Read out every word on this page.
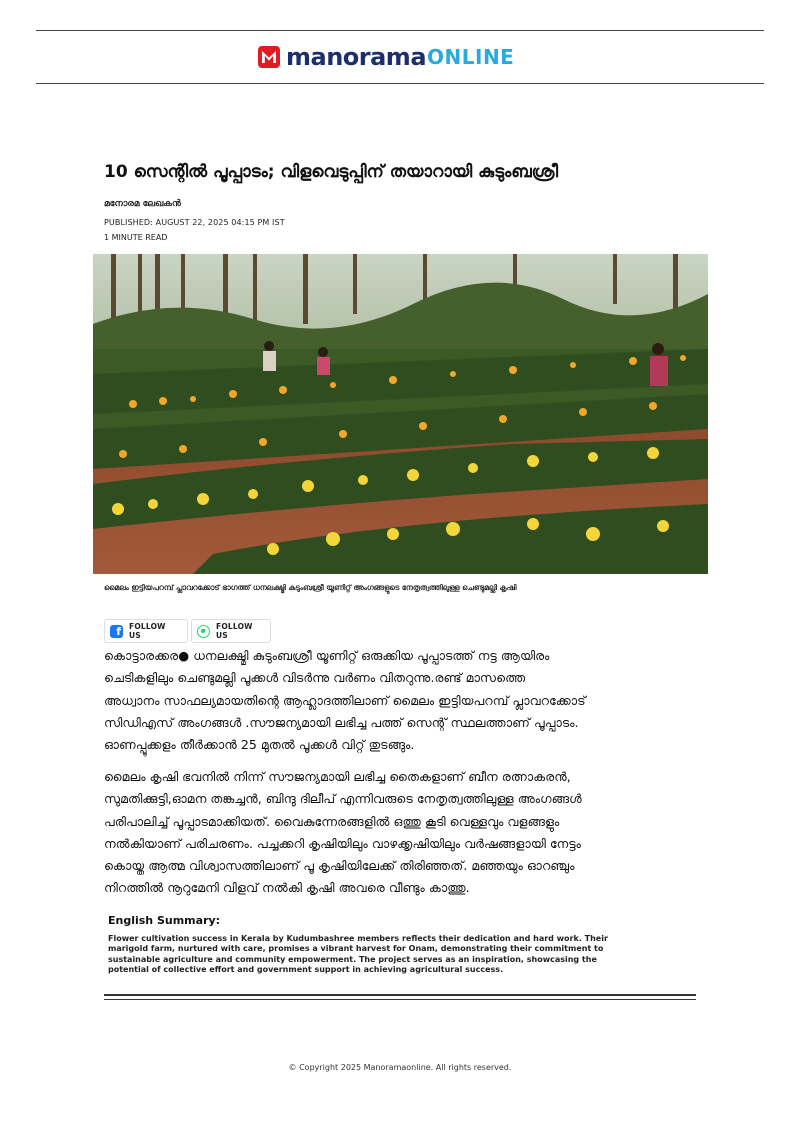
manorama ONLINE
10 സെന്റിൽ പൂപ്പാടം; വിളവെടുപ്പിന് തയാറായി കുടുംബശ്രീ
മനോരമ ലേഖകൻ
PUBLISHED: AUGUST 22, 2025 04:15 PM IST
1 MINUTE READ
മൈലം ഇട്ടിയപറമ്പ് പ്ലാവറക്കോട് ഭാഗത്ത് ധനലക്ഷ്മി കുടുംബശ്രീ യൂണിറ്റ് അംഗങ്ങളുടെ നേതൃത്വത്തിലുള്ള ചെണ്ടുമല്ലി കൃഷി
f FOLLOW US
FOLLOW US

കൊട്ടാരക്കര● ധനലക്ഷ്മി കുടുംബശ്രീ യൂണിറ്റ് ഒരുക്കിയ പൂപ്പാടത്ത് നട്ട ആയിരം
ചെടികളിലും ചെണ്ടുമല്ലി പൂക്കൾ വിടർന്നു വർണം വിതറുന്നു.രണ്ട് മാസത്തെ
അധ്വാനം സാഫല്യമായതിന്റെ ആഹ്ലാദത്തിലാണ് മൈലം ഇട്ടിയപറമ്പ് പ്ലാവറക്കോട്
സിഡിഎസ് അംഗങ്ങൾ .സൗജന്യമായി ലഭിച്ച പത്ത് സെന്റ് സ്ഥലത്താണ് പൂപ്പാടം.
ഓണപ്പൂക്കളം തീർക്കാൻ 25 മുതൽ പൂക്കൾ വിറ്റ് തുടങ്ങും.

മൈലം കൃഷി ഭവനിൽ നിന്ന് സൗജന്യമായി ലഭിച്ച തൈകളാണ് ബീന രത്നാകരൻ,
സുമതിക്കുട്ടി,ഓമന തങ്കച്ചൻ, ബിന്ദു ദിലീപ് എന്നിവരുടെ നേതൃത്വത്തിലുള്ള അംഗങ്ങൾ
പരിപാലിച്ച് പൂപ്പാടമാക്കിയത്. വൈകുന്നേരങ്ങളിൽ ഒത്തു കൂടി വെള്ളവും വളങ്ങളും
നൽകിയാണ് പരിചരണം. പച്ചക്കറി കൃഷിയിലും വാഴക്കൃഷിയിലും വർഷങ്ങളായി നേട്ടം
കൊയ്ത ആത്മ വിശ്വാസത്തിലാണ് പൂ കൃഷിയിലേക്ക് തിരിഞ്ഞത്. മഞ്ഞയും ഓറഞ്ചും
നിറത്തിൽ നൂറുമേനി വിളവ് നൽകി കൃഷി അവരെ വീണ്ടും കാത്തു.

English Summary:

Flower cultivation success in Kerala by Kudumbashree members reflects their dedication and hard work. Their
marigold farm, nurtured with care, promises a vibrant harvest for Onam, demonstrating their commitment to
sustainable agriculture and community empowerment. The project serves as an inspiration, showcasing the
potential of collective effort and government support in achieving agricultural success.

© Copyright 2025 Manoramaonline. All rights reserved.
